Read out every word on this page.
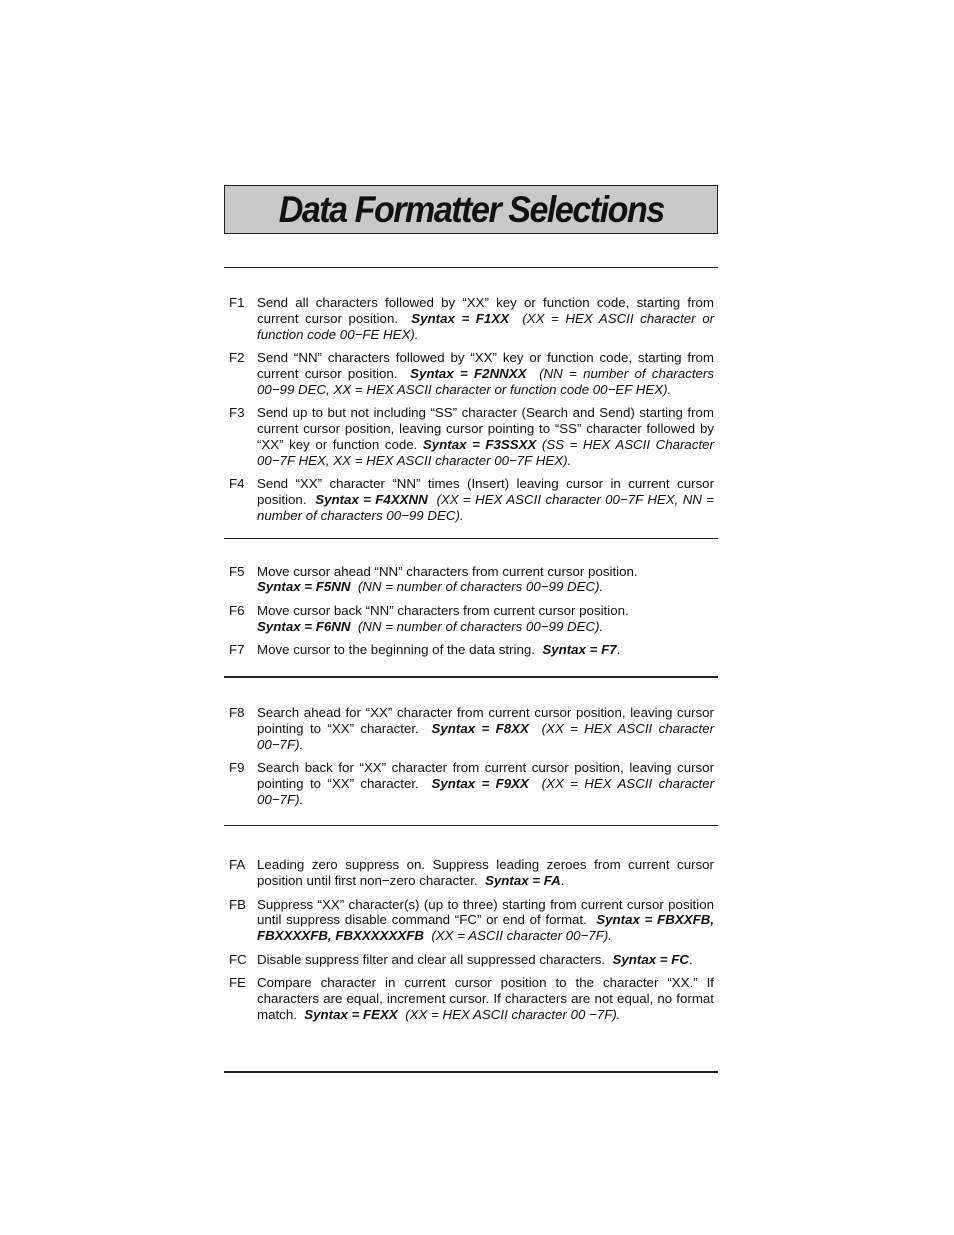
Data Formatter Selections
F1 Send all characters followed by “XX” key or function code, starting from current cursor position. Syntax = F1XX (XX = HEX ASCII character or function code 00−FE HEX).
F2 Send “NN” characters followed by “XX” key or function code, starting from current cursor position. Syntax = F2NNXX (NN = number of characters 00−99 DEC, XX = HEX ASCII character or function code 00−EF HEX).
F3 Send up to but not including “SS” character (Search and Send) starting from current cursor position, leaving cursor pointing to “SS” character followed by “XX” key or function code. Syntax = F3SSXX (SS = HEX ASCII Character 00−7F HEX, XX = HEX ASCII character 00−7F HEX).
F4 Send “XX” character “NN” times (Insert) leaving cursor in current cursor position. Syntax = F4XXNN (XX = HEX ASCII character 00−7F HEX, NN = number of characters 00−99 DEC).
F5 Move cursor ahead “NN” characters from current cursor position.
Syntax = F5NN (NN = number of characters 00−99 DEC).
F6 Move cursor back “NN” characters from current cursor position.
Syntax = F6NN (NN = number of characters 00−99 DEC).
F7 Move cursor to the beginning of the data string. Syntax = F7.
F8 Search ahead for “XX” character from current cursor position, leaving cursor pointing to “XX” character. Syntax = F8XX (XX = HEX ASCII character 00−7F).
F9 Search back for “XX” character from current cursor position, leaving cursor pointing to “XX” character. Syntax = F9XX (XX = HEX ASCII character 00−7F).
FA Leading zero suppress on. Suppress leading zeroes from current cursor position until first non−zero character. Syntax = FA.
FB Suppress “XX” character(s) (up to three) starting from current cursor position until suppress disable command “FC” or end of format. Syntax = FBXXFB, FBXXXXFB, FBXXXXXXFB (XX = ASCII character 00−7F).
FC Disable suppress filter and clear all suppressed characters. Syntax = FC.
FE Compare character in current cursor position to the character “XX.” If characters are equal, increment cursor. If characters are not equal, no format match. Syntax = FEXX (XX = HEX ASCII character 00 −7F).
